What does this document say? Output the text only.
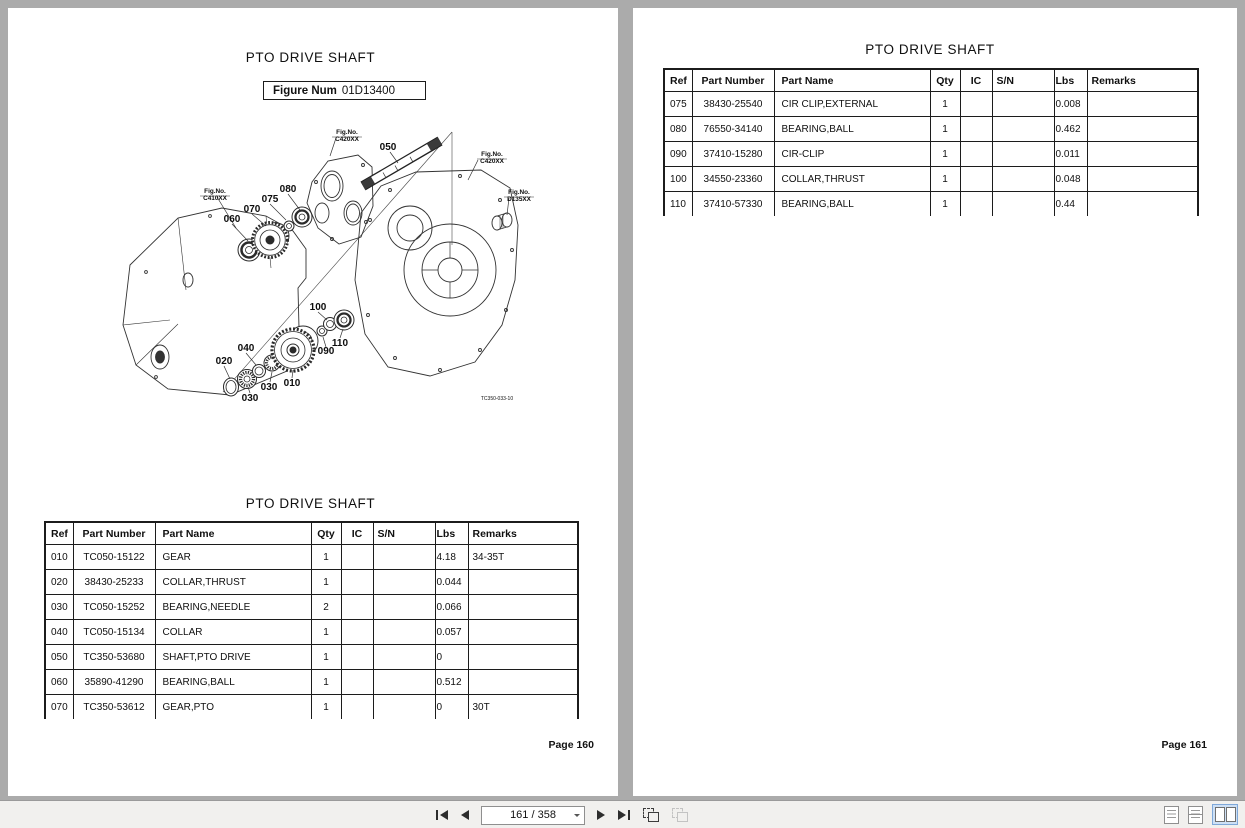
PTO DRIVE SHAFT
Figure Num 01D13400
Fig.No. C420XX
050
Fig.No. C420XX
Fig.No. D135XX
Fig.No. C410XX
080
075
070
060
100
110
090
040
020
010
030
030	TC350-033-10
PTO DRIVE SHAFT
Ref	Part Number	Part Name	Qty	IC	S/N	Lbs	Remarks
010	TC050-15122	GEAR	1			4.18	34-35T
020	38430-25233	COLLAR,THRUST	1			0.044	
030	TC050-15252	BEARING,NEEDLE	2			0.066	
040	TC050-15134	COLLAR	1			0.057	
050	TC350-53680	SHAFT,PTO DRIVE	1			0	
060	35890-41290	BEARING,BALL	1			0.512	
070	TC350-53612	GEAR,PTO	1			0	30T
Page 160
PTO DRIVE SHAFT
Ref	Part Number	Part Name	Qty	IC	S/N	Lbs	Remarks
075	38430-25540	CIR CLIP,EXTERNAL	1			0.008	
080	76550-34140	BEARING,BALL	1			0.462	
090	37410-15280	CIR-CLIP	1			0.011	
100	34550-23360	COLLAR,THRUST	1			0.048	
110	37410-57330	BEARING,BALL	1			0.44	
Page 161
161 / 358
